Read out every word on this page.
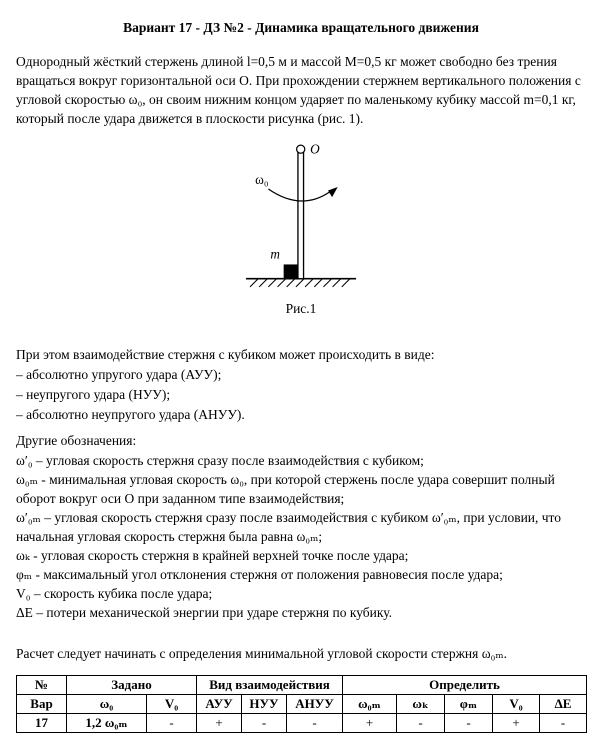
Вариант 17 - ДЗ №2 - Динамика вращательного движения

Однородный жёсткий стержень длиной l=0,5 м и массой М=0,5 кг может свободно без трения вращаться вокруг горизонтальной оси О. При прохождении стержнем вертикального положения с угловой скоростью ω₀, он своим нижним концом ударяет по маленькому кубику массой m=0,1 кг, который после удара движется в плоскости рисунка (рис. 1).

O
ω₀
m
Рис.1

При этом взаимодействие стержня с кубиком может происходить в виде:

– абсолютно упругого удара (АУУ);

– неупругого удара (НУУ);

– абсолютно неупругого удара (АНУУ).

Другие обозначения:

ω′₀ – угловая скорость стержня сразу после взаимодействия с кубиком;

ω₀ₘ - минимальная угловая скорость ω₀, при которой стержень после удара совершит полный оборот вокруг оси О при заданном типе взаимодействия;

ω′₀ₘ – угловая скорость стержня сразу после взаимодействия с кубиком ω′₀ₘ, при условии, что начальная угловая скорость стержня была равна ω₀ₘ;

ωₖ - угловая скорость стержня в крайней верхней точке после удара;

φₘ - максимальный угол отклонения стержня от положения равновесия после удара;

V₀ – скорость кубика после удара;

ΔЕ – потери механической энергии при ударе стержня по кубику.

Расчет следует начинать с определения минимальной угловой скорости стержня ω₀ₘ.

№	Задано		Вид взаимодействия			Определить				
Вар	ω₀	V₀	АУУ	НУУ	АНУУ	ω₀ₘ	ωₖ	φₘ	V₀	ΔЕ
17	1,2 ω₀ₘ	-	+	-	-	+	-	-	+	-
